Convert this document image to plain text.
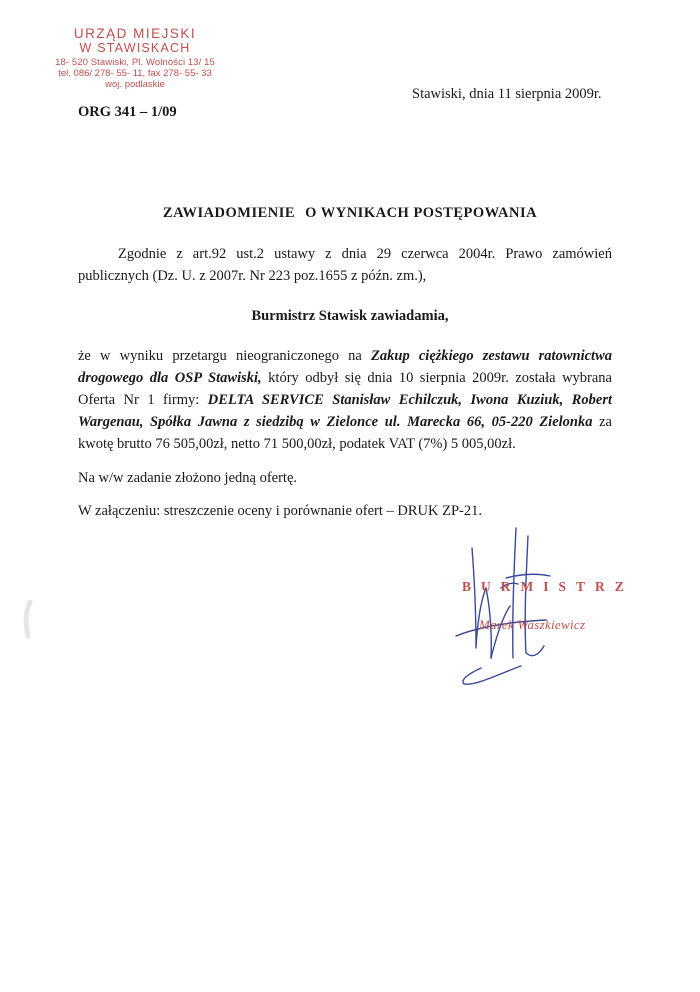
URZĄD MIEJSKI
W STAWISKACH
18- 520 Stawiski, Pl. Wolności 13/ 15
tel. 086/ 278- 55- 11, fax 278- 55- 33
woj. podlaskie
ORG 341 – 1/09
Stawiski, dnia 11 sierpnia 2009r.
ZAWIADOMIENIE O WYNIKACH POSTĘPOWANIA
Zgodnie z art.92 ust.2 ustawy z dnia 29 czerwca 2004r. Prawo zamówień publicznych (Dz. U. z 2007r. Nr 223 poz.1655 z późn. zm.),
Burmistrz Stawisk zawiadamia,
że w wyniku przetargu nieograniczonego na Zakup ciężkiego zestawu ratownictwa drogowego dla OSP Stawiski, który odbył się dnia 10 sierpnia 2009r. została wybrana Oferta Nr 1 firmy: DELTA SERVICE Stanisław Echilczuk, Iwona Kuziuk, Robert Wargenau, Spółka Jawna z siedzibą w Zielonce ul. Marecka 66, 05-220 Zielonka za kwotę brutto 76 505,00zł, netto 71 500,00zł, podatek VAT (7%) 5 005,00zł.
Na w/w zadanie złożono jedną ofertę.
W załączeniu: streszczenie oceny i porównanie ofert – DRUK ZP-21.
BURMISTRZ
Marek Waszkiewicz
